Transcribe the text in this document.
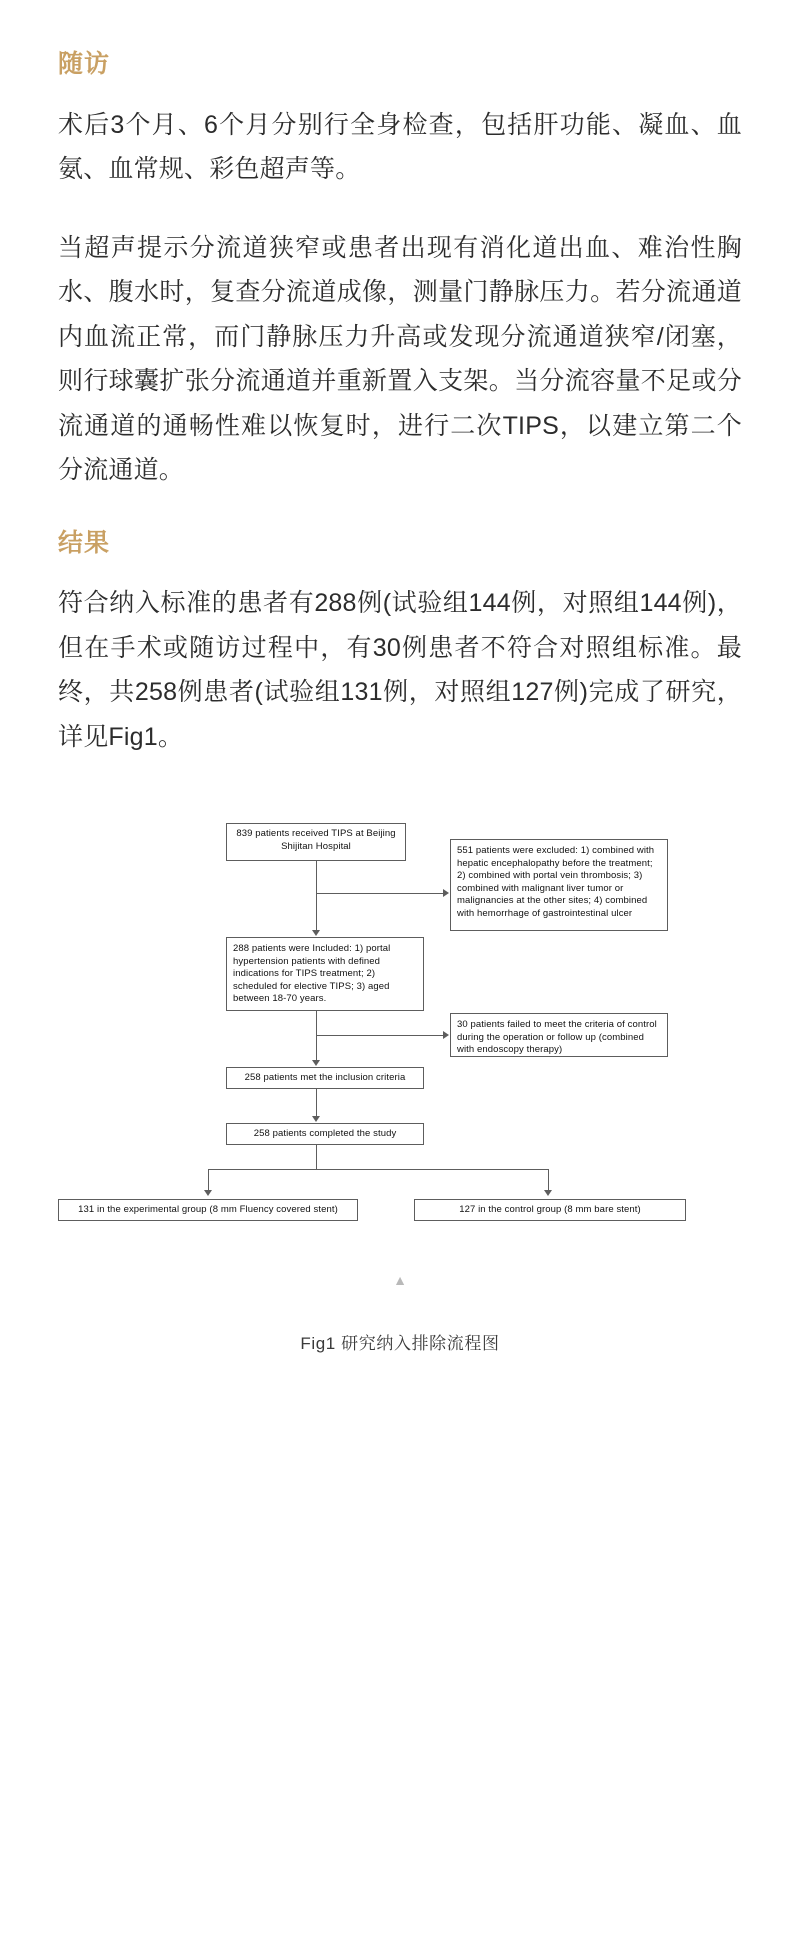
随访

术后3个月、6个月分别行全身检查，包括肝功能、凝血、血氨、血常规、彩色超声等。

当超声提示分流道狭窄或患者出现有消化道出血、难治性胸水、腹水时，复查分流道成像，测量门静脉压力。若分流通道内血流正常，而门静脉压力升高或发现分流通道狭窄/闭塞，则行球囊扩张分流通道并重新置入支架。当分流容量不足或分流通道的通畅性难以恢复时，进行二次TIPS，以建立第二个分流通道。

结果

符合纳入标准的患者有288例(试验组144例，对照组144例)，但在手术或随访过程中，有30例患者不符合对照组标准。最终，共258例患者(试验组131例，对照组127例)完成了研究，详见Fig1。

839 patients received TIPS at Beijing Shijitan Hospital	551 patients were excluded: 1) combined with hepatic encephalopathy before the treatment; 2) combined with portal vein thrombosis; 3) combined with malignant liver tumor or malignancies at the other sites; 4) combined with hemorrhage of gastrointestinal ulcer
288 patients were Included: 1) portal hypertension patients with defined indications for TIPS treatment; 2) scheduled for elective TIPS; 3) aged between 18-70 years.
30 patients failed to meet the criteria of control during the operation or follow up (combined with endoscopy therapy)
258 patients met the inclusion criteria
258 patients completed the study
131 in the experimental group (8 mm Fluency covered stent)	127 in the control group (8 mm bare stent)
▲
Fig1 研究纳入排除流程图
